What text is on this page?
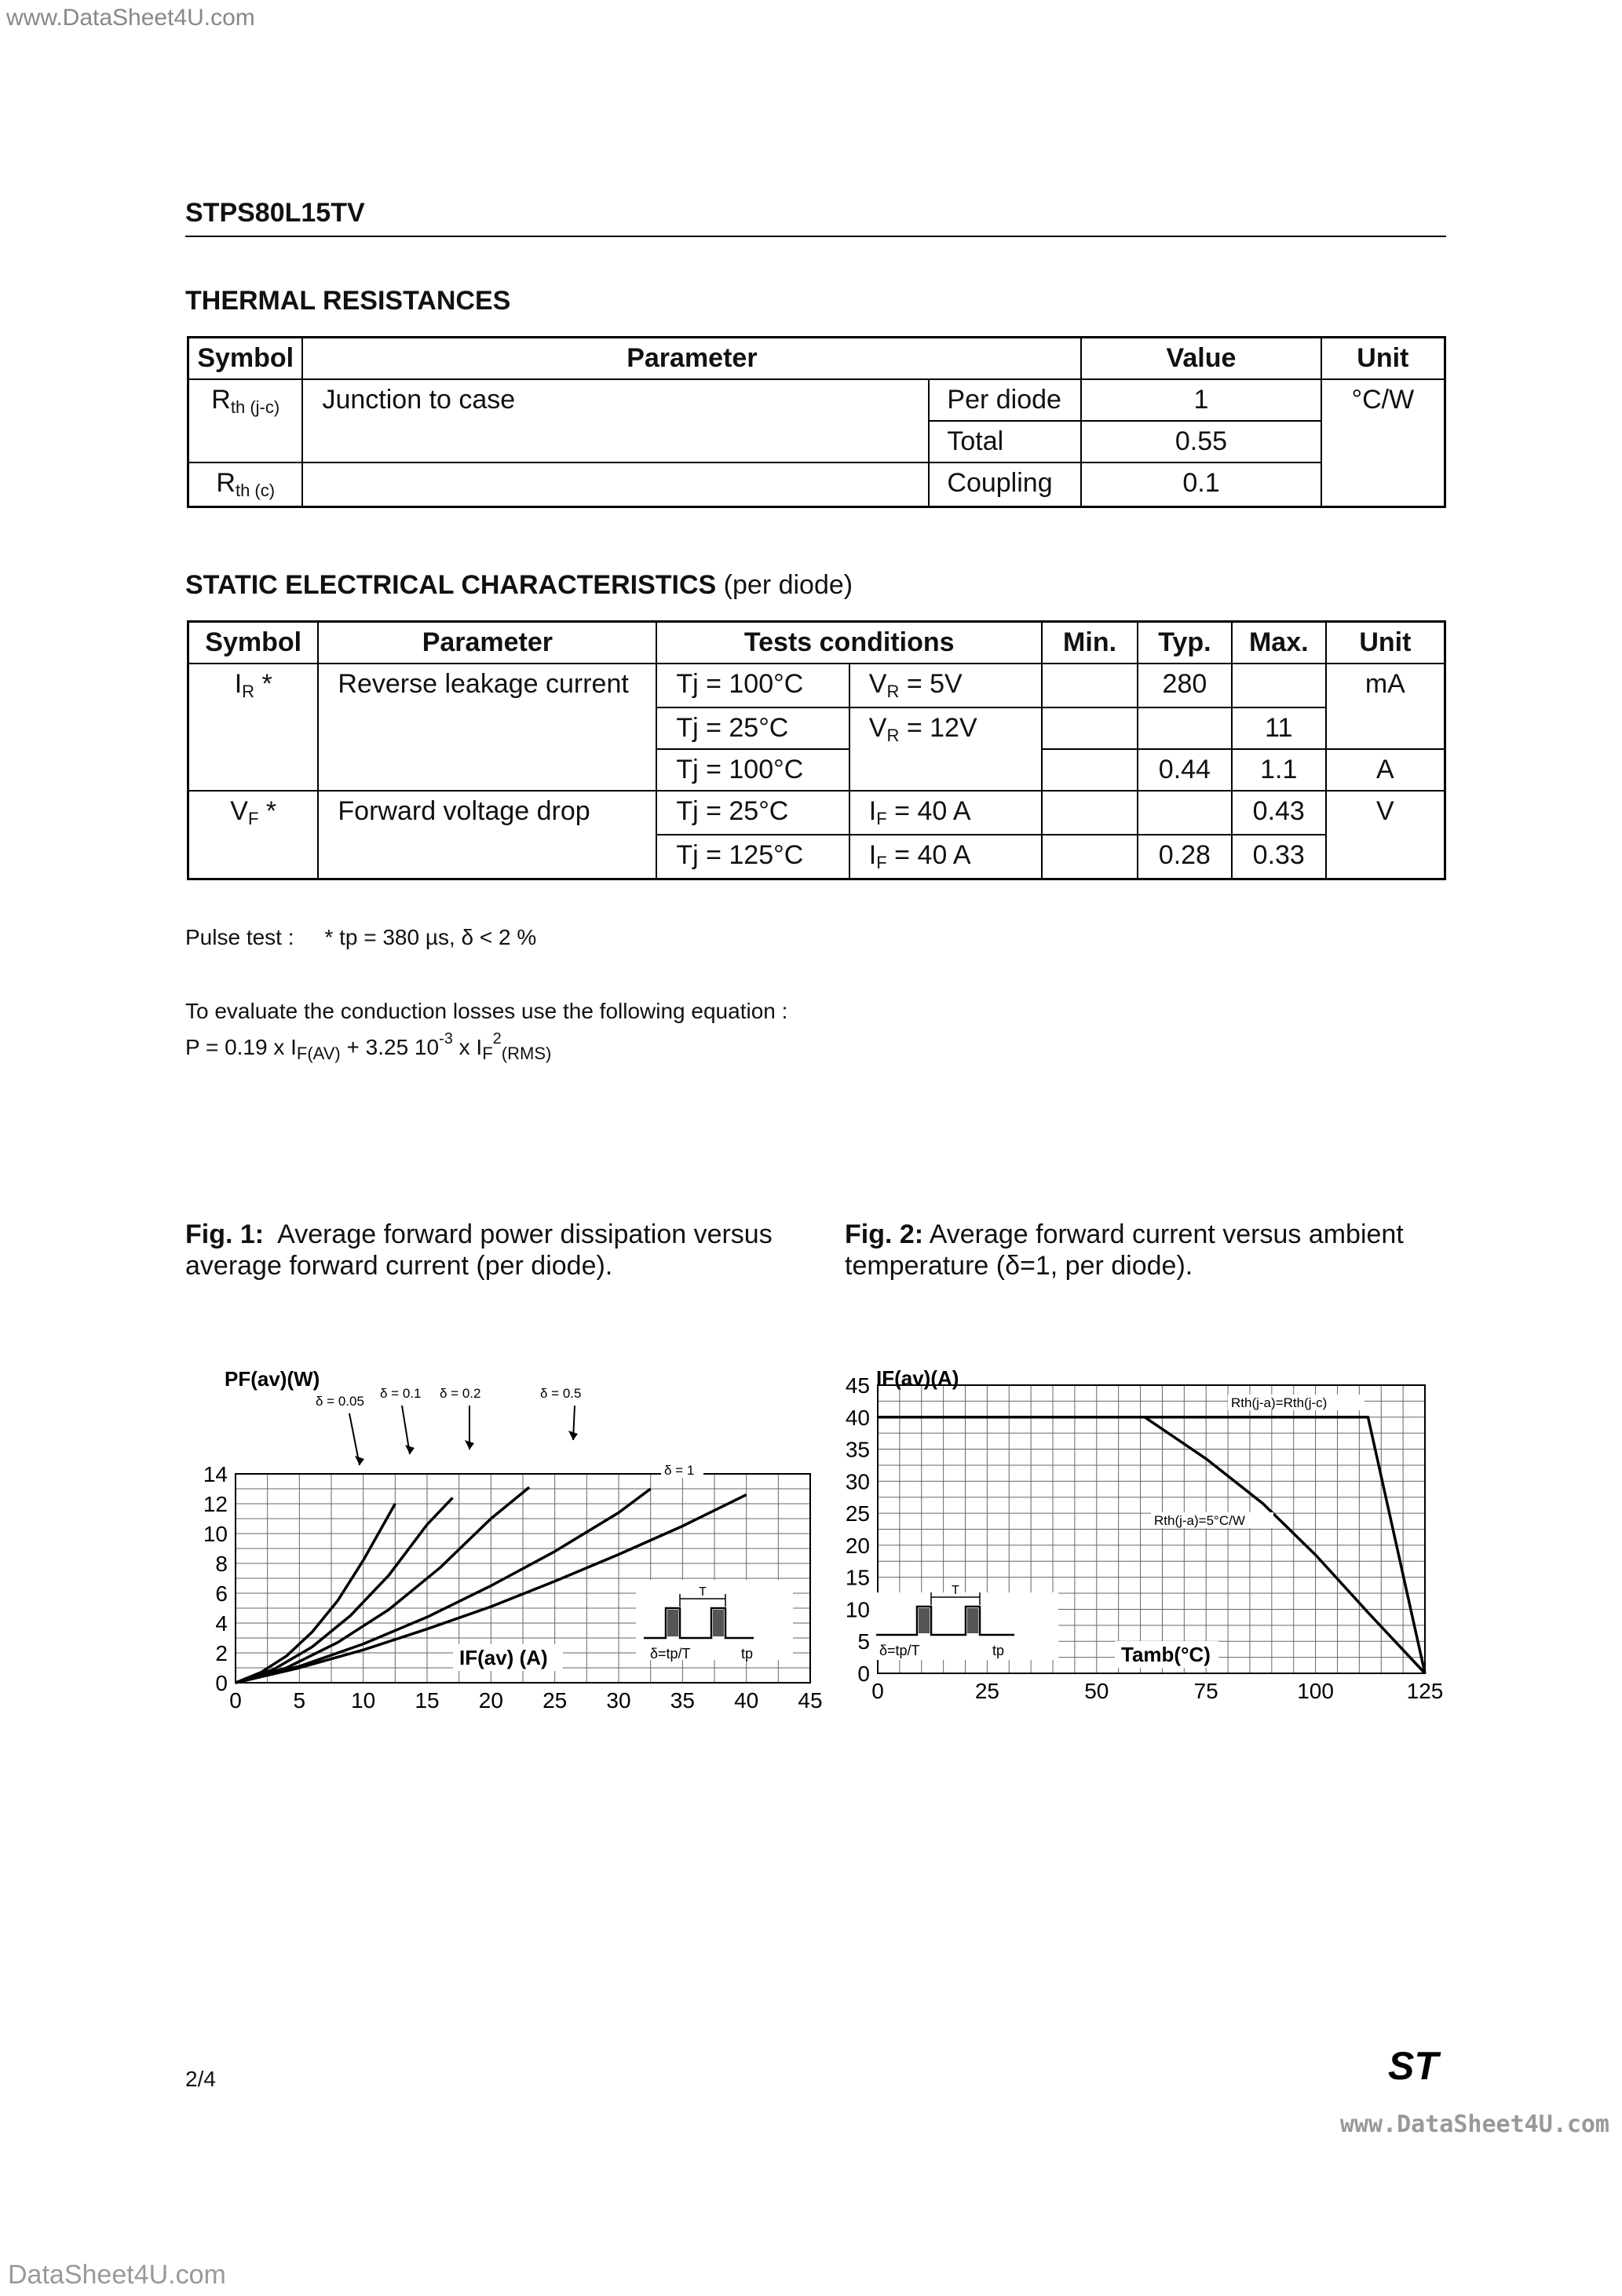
www.DataSheet4U.com
www.DataSheet4U.com
DataSheet4U.com
STPS80L15TV
THERMAL RESISTANCES
Symbol	Parameter		Value	Unit
$R_{th (j-c)}$	Junction to case	Per diode	1	°C/W
		Total	0.55	
$R_{th (c)}$		Coupling	0.1	
STATIC ELECTRICAL CHARACTERISTICS (per diode)
Symbol	Parameter	Tests conditions		Min.	Typ.	Max.	Unit
$I_R$ *	Reverse leakage current	Tj = 100°C	$V_R = 5V$		280		mA
		Tj = 25°C	$V_R = 12V$			11	
		Tj = 100°C			0.44	1.1	A
$V_F$ *	Forward voltage drop	Tj = 25°C	$I_F = 40$ A			0.43	V
		Tj = 125°C	$I_F = 40$ A		0.28	0.33	
Pulse test : * tp = 380 µs, δ < 2 %
To evaluate the conduction losses use the following equation :
P = 0.19 x $I_{F(AV)} + 3.25$ $10^{-3}$ x $I_F^2_{(RMS)}$
Fig. 1: Average forward power dissipation versus average forward current (per diode).
Fig. 2: Average forward current versus ambient temperature (δ=1, per diode).
0 5 10 15 20 25 30 35 40 45
0
2
4
6
8
10
12
14
PF(av)(W)
IF(av) (A)
δ = 0.05
δ = 0.1 δ = 0.2	δ = 0.5
δ = 1
T
δ=tp/T	tp
0	25	50	75	100	125
0
5
10
15
20
25
30
35
40
45 IF(av)(A)
Tamb(°C)
Rth(j-a)=Rth(j-c)
Rth(j-a)=5°C/W
T
δ=tp/T	tp
2/4	ST
